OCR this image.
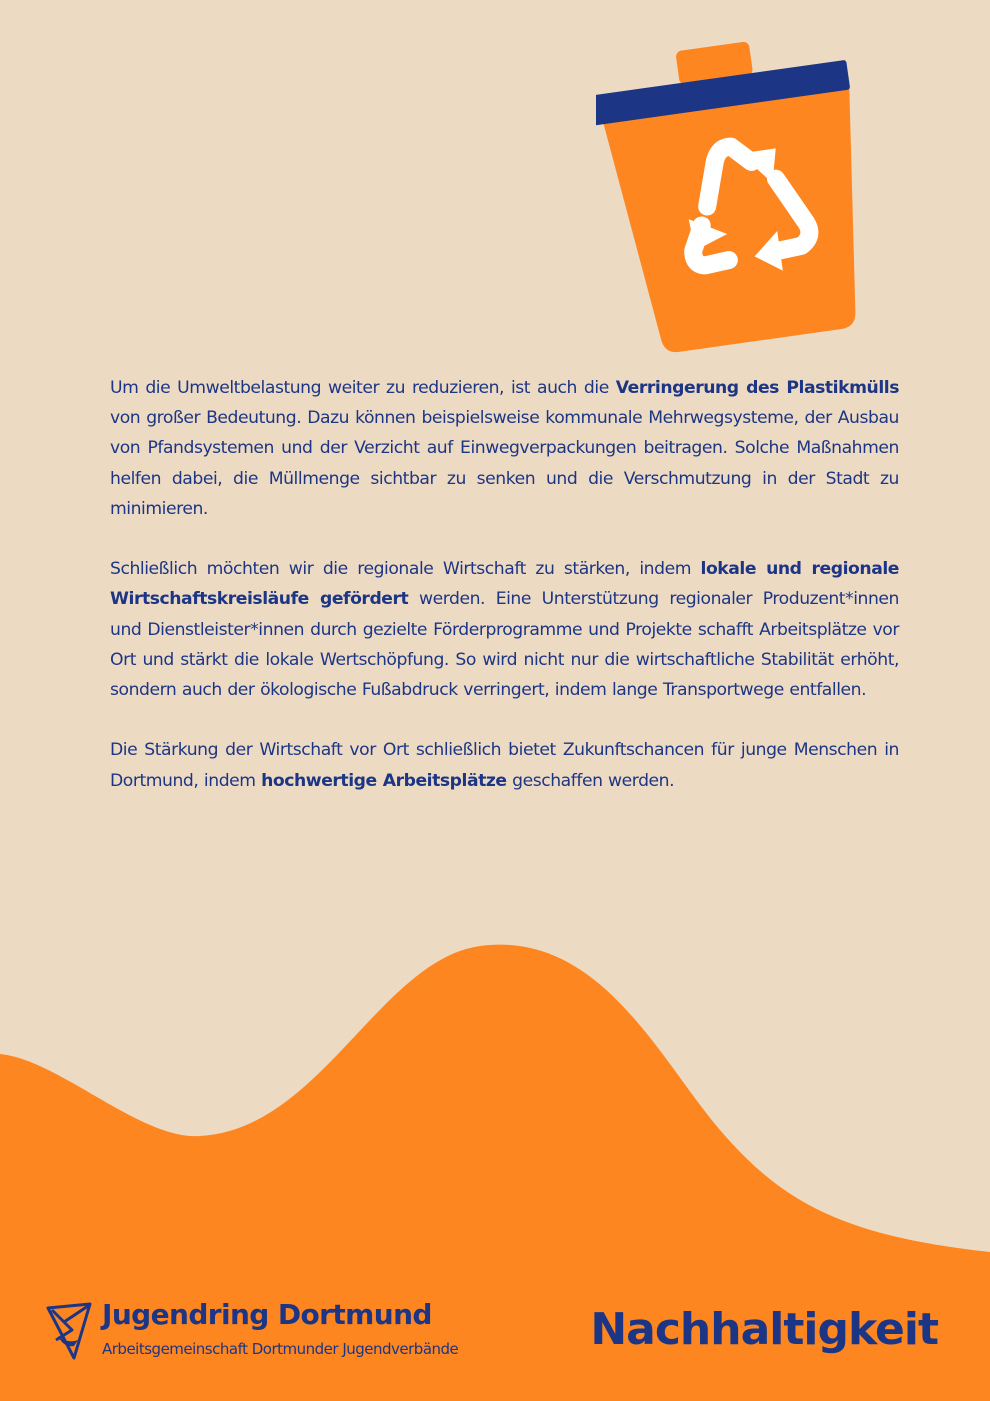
Um die Umweltbelastung weiter zu reduzieren, ist auch die Verringerung des Plastikmülls von großer Bedeutung. Dazu können beispielsweise kommunale Mehrwegsysteme, der Ausbau von Pfandsystemen und der Verzicht auf Einwegverpackungen beitragen. Solche Maßnahmen helfen dabei, die Müllmenge sichtbar zu senken und die Verschmutzung in der Stadt zu minimieren.

Schließlich möchten wir die regionale Wirtschaft zu stärken, indem lokale und regionale Wirtschaftskreisläufe gefördert werden. Eine Unterstützung regionaler Produzent*innen und Dienstleister*innen durch gezielte Förderprogramme und Projekte schafft Arbeitsplätze vor Ort und stärkt die lokale Wertschöpfung. So wird nicht nur die wirtschaftliche Stabilität erhöht, sondern auch der ökologische Fußabdruck verringert, indem lange Transportwege entfallen.

Die Stärkung der Wirtschaft vor Ort schließlich bietet Zukunftschancen für junge Menschen in Dortmund, indem hochwertige Arbeitsplätze geschaffen werden.

Jugendring Dortmund
Arbeitsgemeinschaft Dortmunder Jugendverbände	Nachhaltigkeit
